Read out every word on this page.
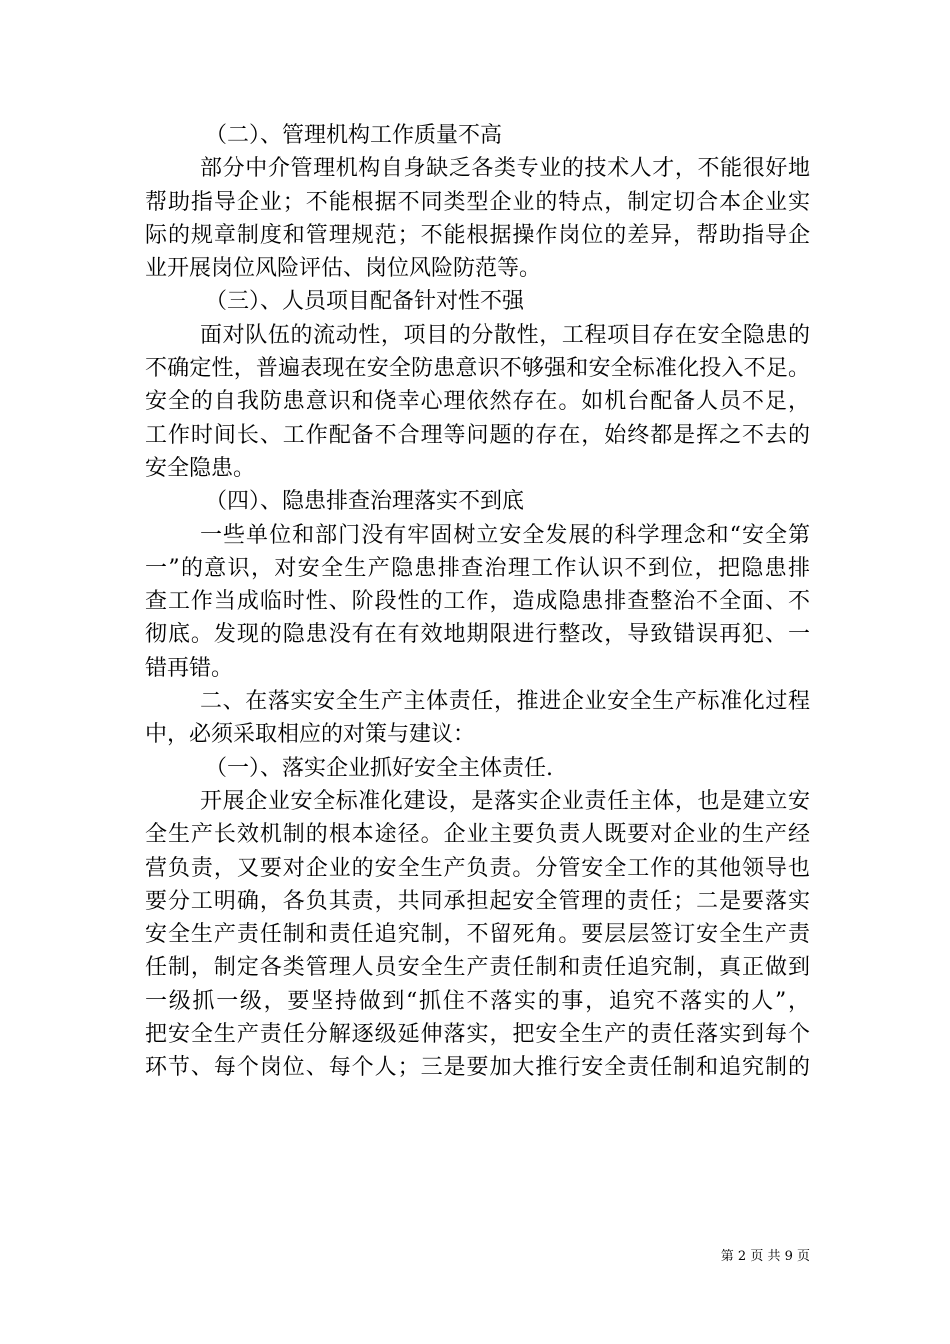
（二）、管理机构工作质量不高
部分中介管理机构自身缺乏各类专业的技术人才，不能很好地
帮助指导企业；不能根据不同类型企业的特点，制定切合本企业实
际的规章制度和管理规范；不能根据操作岗位的差异，帮助指导企
业开展岗位风险评估、岗位风险防范等。
（三）、人员项目配备针对性不强
面对队伍的流动性，项目的分散性，工程项目存在安全隐患的
不确定性，普遍表现在安全防患意识不够强和安全标准化投入不足。
安全的自我防患意识和侥幸心理依然存在。如机台配备人员不足，
工作时间长、工作配备不合理等问题的存在，始终都是挥之不去的
安全隐患。
（四）、隐患排查治理落实不到底
一些单位和部门没有牢固树立安全发展的科学理念和“安全第
一”的意识，对安全生产隐患排查治理工作认识不到位，把隐患排
查工作当成临时性、阶段性的工作，造成隐患排查整治不全面、不
彻底。发现的隐患没有在有效地期限进行整改，导致错误再犯、一
错再错。
二、在落实安全生产主体责任，推进企业安全生产标准化过程
中，必须采取相应的对策与建议：
（一）、落实企业抓好安全主体责任.
开展企业安全标准化建设，是落实企业责任主体，也是建立安
全生产长效机制的根本途径。企业主要负责人既要对企业的生产经
营负责，又要对企业的安全生产负责。分管安全工作的其他领导也
要分工明确，各负其责，共同承担起安全管理的责任；二是要落实
安全生产责任制和责任追究制，不留死角。要层层签订安全生产责
任制，制定各类管理人员安全生产责任制和责任追究制，真正做到
一级抓一级，要坚持做到“抓住不落实的事，追究不落实的人”，
把安全生产责任分解逐级延伸落实，把安全生产的责任落实到每个
环节、每个岗位、每个人；三是要加大推行安全责任制和追究制的
第 2 页 共 9 页
